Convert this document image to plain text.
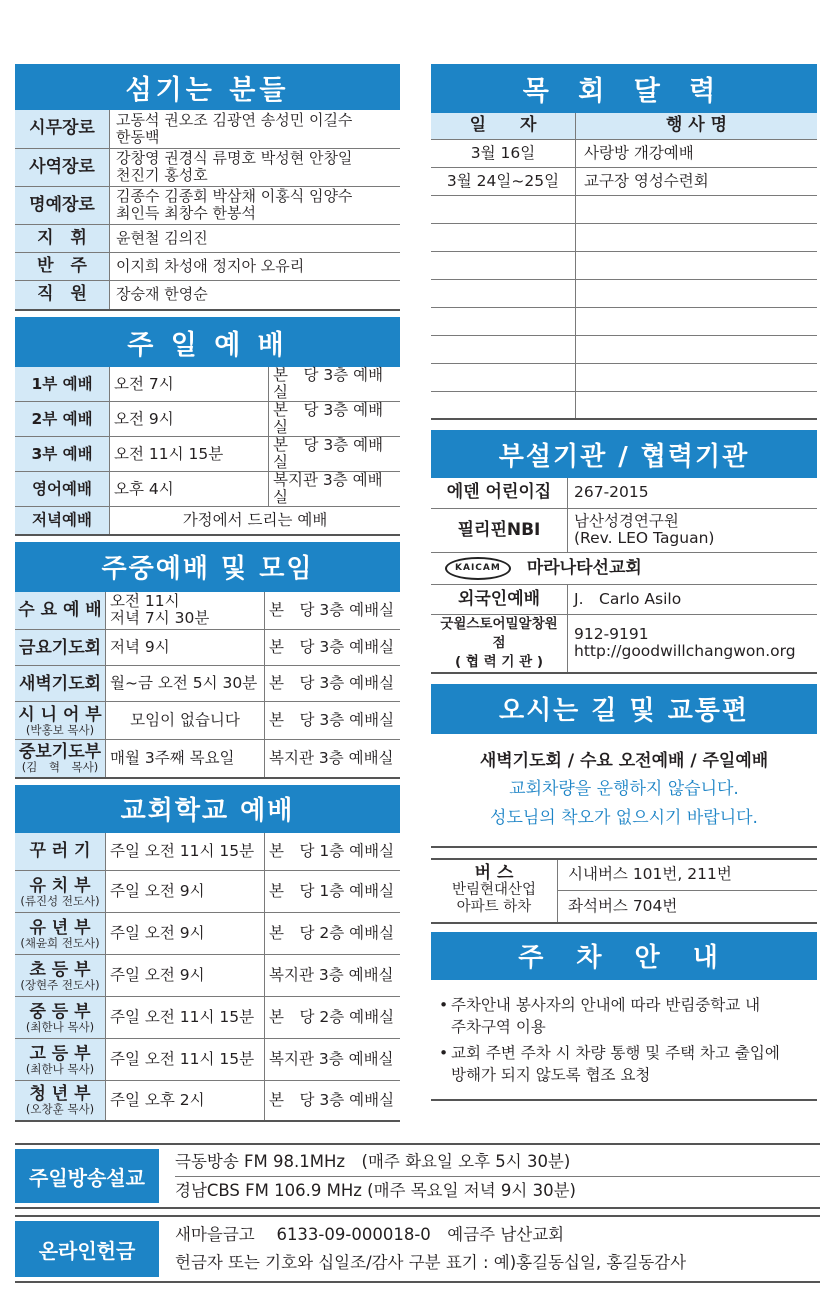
섬기는 분들
시무장로	고동석 권오조 김광연 송성민 이길수
한동백
사역장로	강창영 권경식 류명호 박성현 안창일
천진기 홍성호
명예장로	김종수 김종회 박삼채 이홍식 임양수
최인득 최창수 한봉석
지　휘	윤현철 김의진
반　주	이지희 차성애 정지아 오유리
직　원	장숭재 한영순
주 일 예 배
1부 예배	오전 7시	본　당 3층 예배실
2부 예배	오전 9시	본　당 3층 예배실
3부 예배	오전 11시 15분	본　당 3층 예배실
영어예배	오후 4시	복지관 3층 예배실
저녁예배	가정에서 드리는 예배	
주중예배 및 모임
수 요 예 배	오전 11시
저녁 7시 30분	본　당 3층 예배실

금요기도회	저녁 9시	본　당 3층 예배실

새벽기도회	월~금 오전 5시 30분	본　당 3층 예배실

시 니 어 부
(박홍보 목사)	모임이 없습니다	본　당 3층 예배실

중보기도부
(김　혁　목사)	매월 3주째 목요일	복지관 3층 예배실
교회학교 예배
꾸 러 기	주일 오전 11시 15분	본　당 1층 예배실

유 치 부
(류진성 전도사)	주일 오전 9시	본　당 1층 예배실

유 년 부
(채윤희 전도사)	주일 오전 9시	본　당 2층 예배실

초 등 부
(장현주 전도사)	주일 오전 9시	복지관 3층 예배실

중 등 부
(최한나 목사)	주일 오전 11시 15분	본　당 2층 예배실

고 등 부
(최한나 목사)	주일 오전 11시 15분	복지관 3층 예배실

청 년 부
(오창훈 목사)	주일 오후 2시	본　당 3층 예배실
목 회 달 력
일　　자	행 사 명
3월 16일	사랑방 개강예배
3월 24일~25일	교구장 영성수련회

부설기관 / 협력기관
에덴 어린이집	267-2015
필리핀NBI	남산성경연구원
(Rev. LEO Taguan)
KAICAM 마라나타선교회	
외국인예배	J.　Carlo Asilo
굿윌스토어밀알창원점
( 협 력 기 관 )	912-9191
http://goodwillchangwon.org
오시는 길 및 교통편
새벽기도회 / 수요 오전예배 / 주일예배
교회차량을 운행하지 않습니다.
성도님의 착오가 없으시기 바랍니다.
버 스
반림현대산업
아파트 하차
	시내버스 101번, 211번
좌석버스 704번
주 차 안 내
• 주차안내 봉사자의 안내에 따라 반림중학교 내
주차구역 이용
• 교회 주변 주차 시 차량 통행 및 주택 차고 출입에
방해가 되지 않도록 협조 요청
주일방송설교
극동방송 FM 98.1MHz　(매주 화요일 오후 5시 30분)
경남CBS FM 106.9 MHz (매주 목요일 저녁 9시 30분)
온라인헌금
새마을금고　 6133-09-000018-0　예금주 남산교회
헌금자 또는 기호와 십일조/감사 구분 표기 : 예)홍길동십일, 홍길동감사
